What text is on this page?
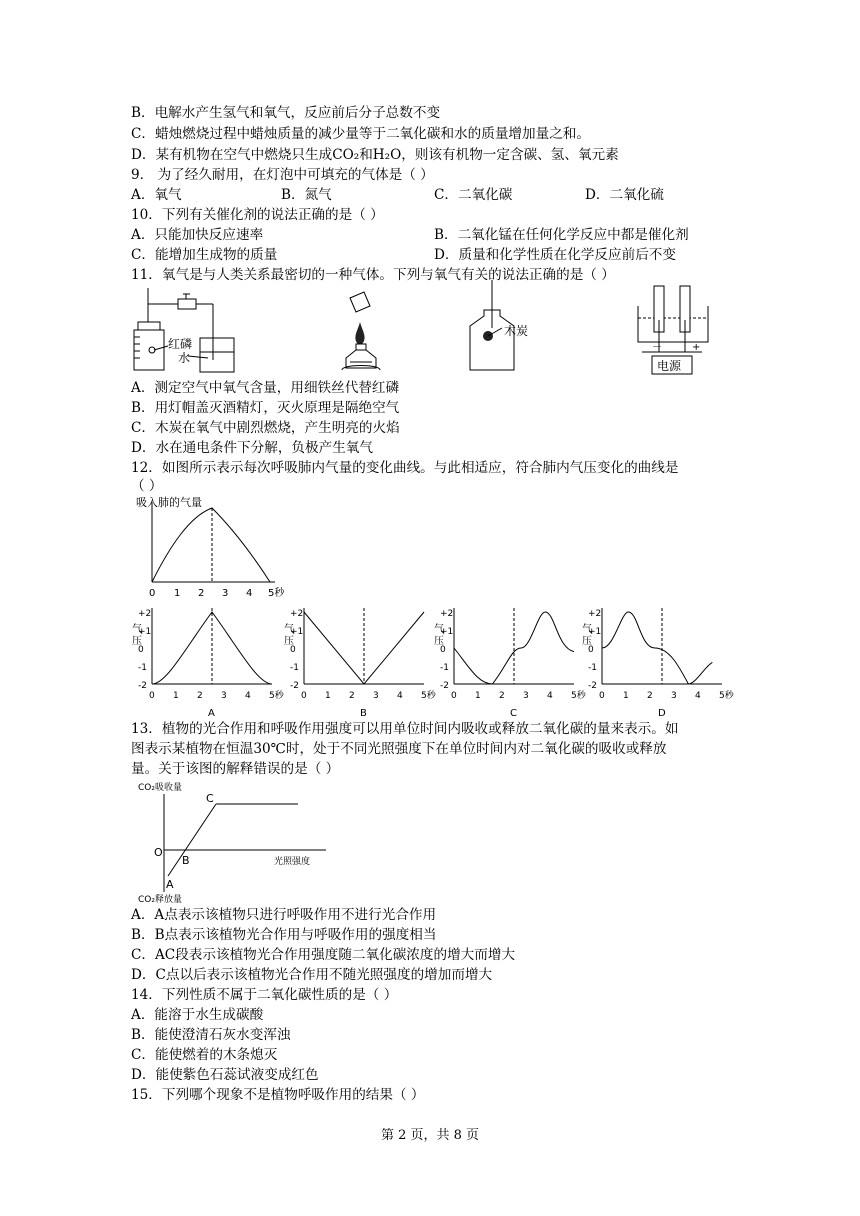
B．电解水产生氢气和氧气，反应前后分子总数不变
C．蜡烛燃烧过程中蜡烛质量的减少量等于二氧化碳和水的质量增加量之和。
D．某有机物在空气中燃烧只生成CO₂和H₂O，则该有机物一定含碳、氢、氧元素
9． 为了经久耐用，在灯泡中可填充的气体是（ ）
A．氧气	B．氮气	C．二氧化碳	D．二氧化硫
10．下列有关催化剂的说法正确的是（ ）
A．只能加快反应速率	B．二氧化锰在任何化学反应中都是催化剂
C．能增加生成物的质量	D．质量和化学性质在化学反应前后不变
11．氧气是与人类关系最密切的一种气体。下列与氧气有关的说法正确的是（ ）
红磷
水
木炭
电源
－	+
A．测定空气中氧气含量，用细铁丝代替红磷
B．用灯帽盖灭酒精灯，灭火原理是隔绝空气
C．木炭在氧气中剧烈燃烧，产生明亮的火焰
D．水在通电条件下分解，负极产生氧气
12．如图所示表示每次呼吸肺内气量的变化曲线。与此相适应，符合肺内气压变化的曲线是
（ ）
吸入肺的气量
0 1 2 3 4 5秒
气压
+2
+1
0
-1
-2
0 1 2 3 4 5秒
A
气压
+2
+1
0
-1
-2
0 1 2 3 4 5秒
B
气压
+2
+1
0
-1
-2
0 1 2 3 4 5秒
C
气压
+2
+1
0
-1
-2
0 1 2 3 4 5秒
D
13．植物的光合作用和呼吸作用强度可以用单位时间内吸收或释放二氧化碳的量来表示。如
图表示某植物在恒温30℃时，处于不同光照强度下在单位时间内对二氧化碳的吸收或释放
量。关于该图的解释错误的是（ ）
CO₂吸收量
O
A
B
C
光照强度
CO₂释放量
A．A点表示该植物只进行呼吸作用不进行光合作用
B．B点表示该植物光合作用与呼吸作用的强度相当
C．AC段表示该植物光合作用强度随二氧化碳浓度的增大而增大
D．C点以后表示该植物光合作用不随光照强度的增加而增大
14．下列性质不属于二氧化碳性质的是（ ）
A．能溶于水生成碳酸
B．能使澄清石灰水变浑浊
C．能使燃着的木条熄灭
D．能使紫色石蕊试液变成红色
15．下列哪个现象不是植物呼吸作用的结果（ ）
第 2 页，共 8 页
